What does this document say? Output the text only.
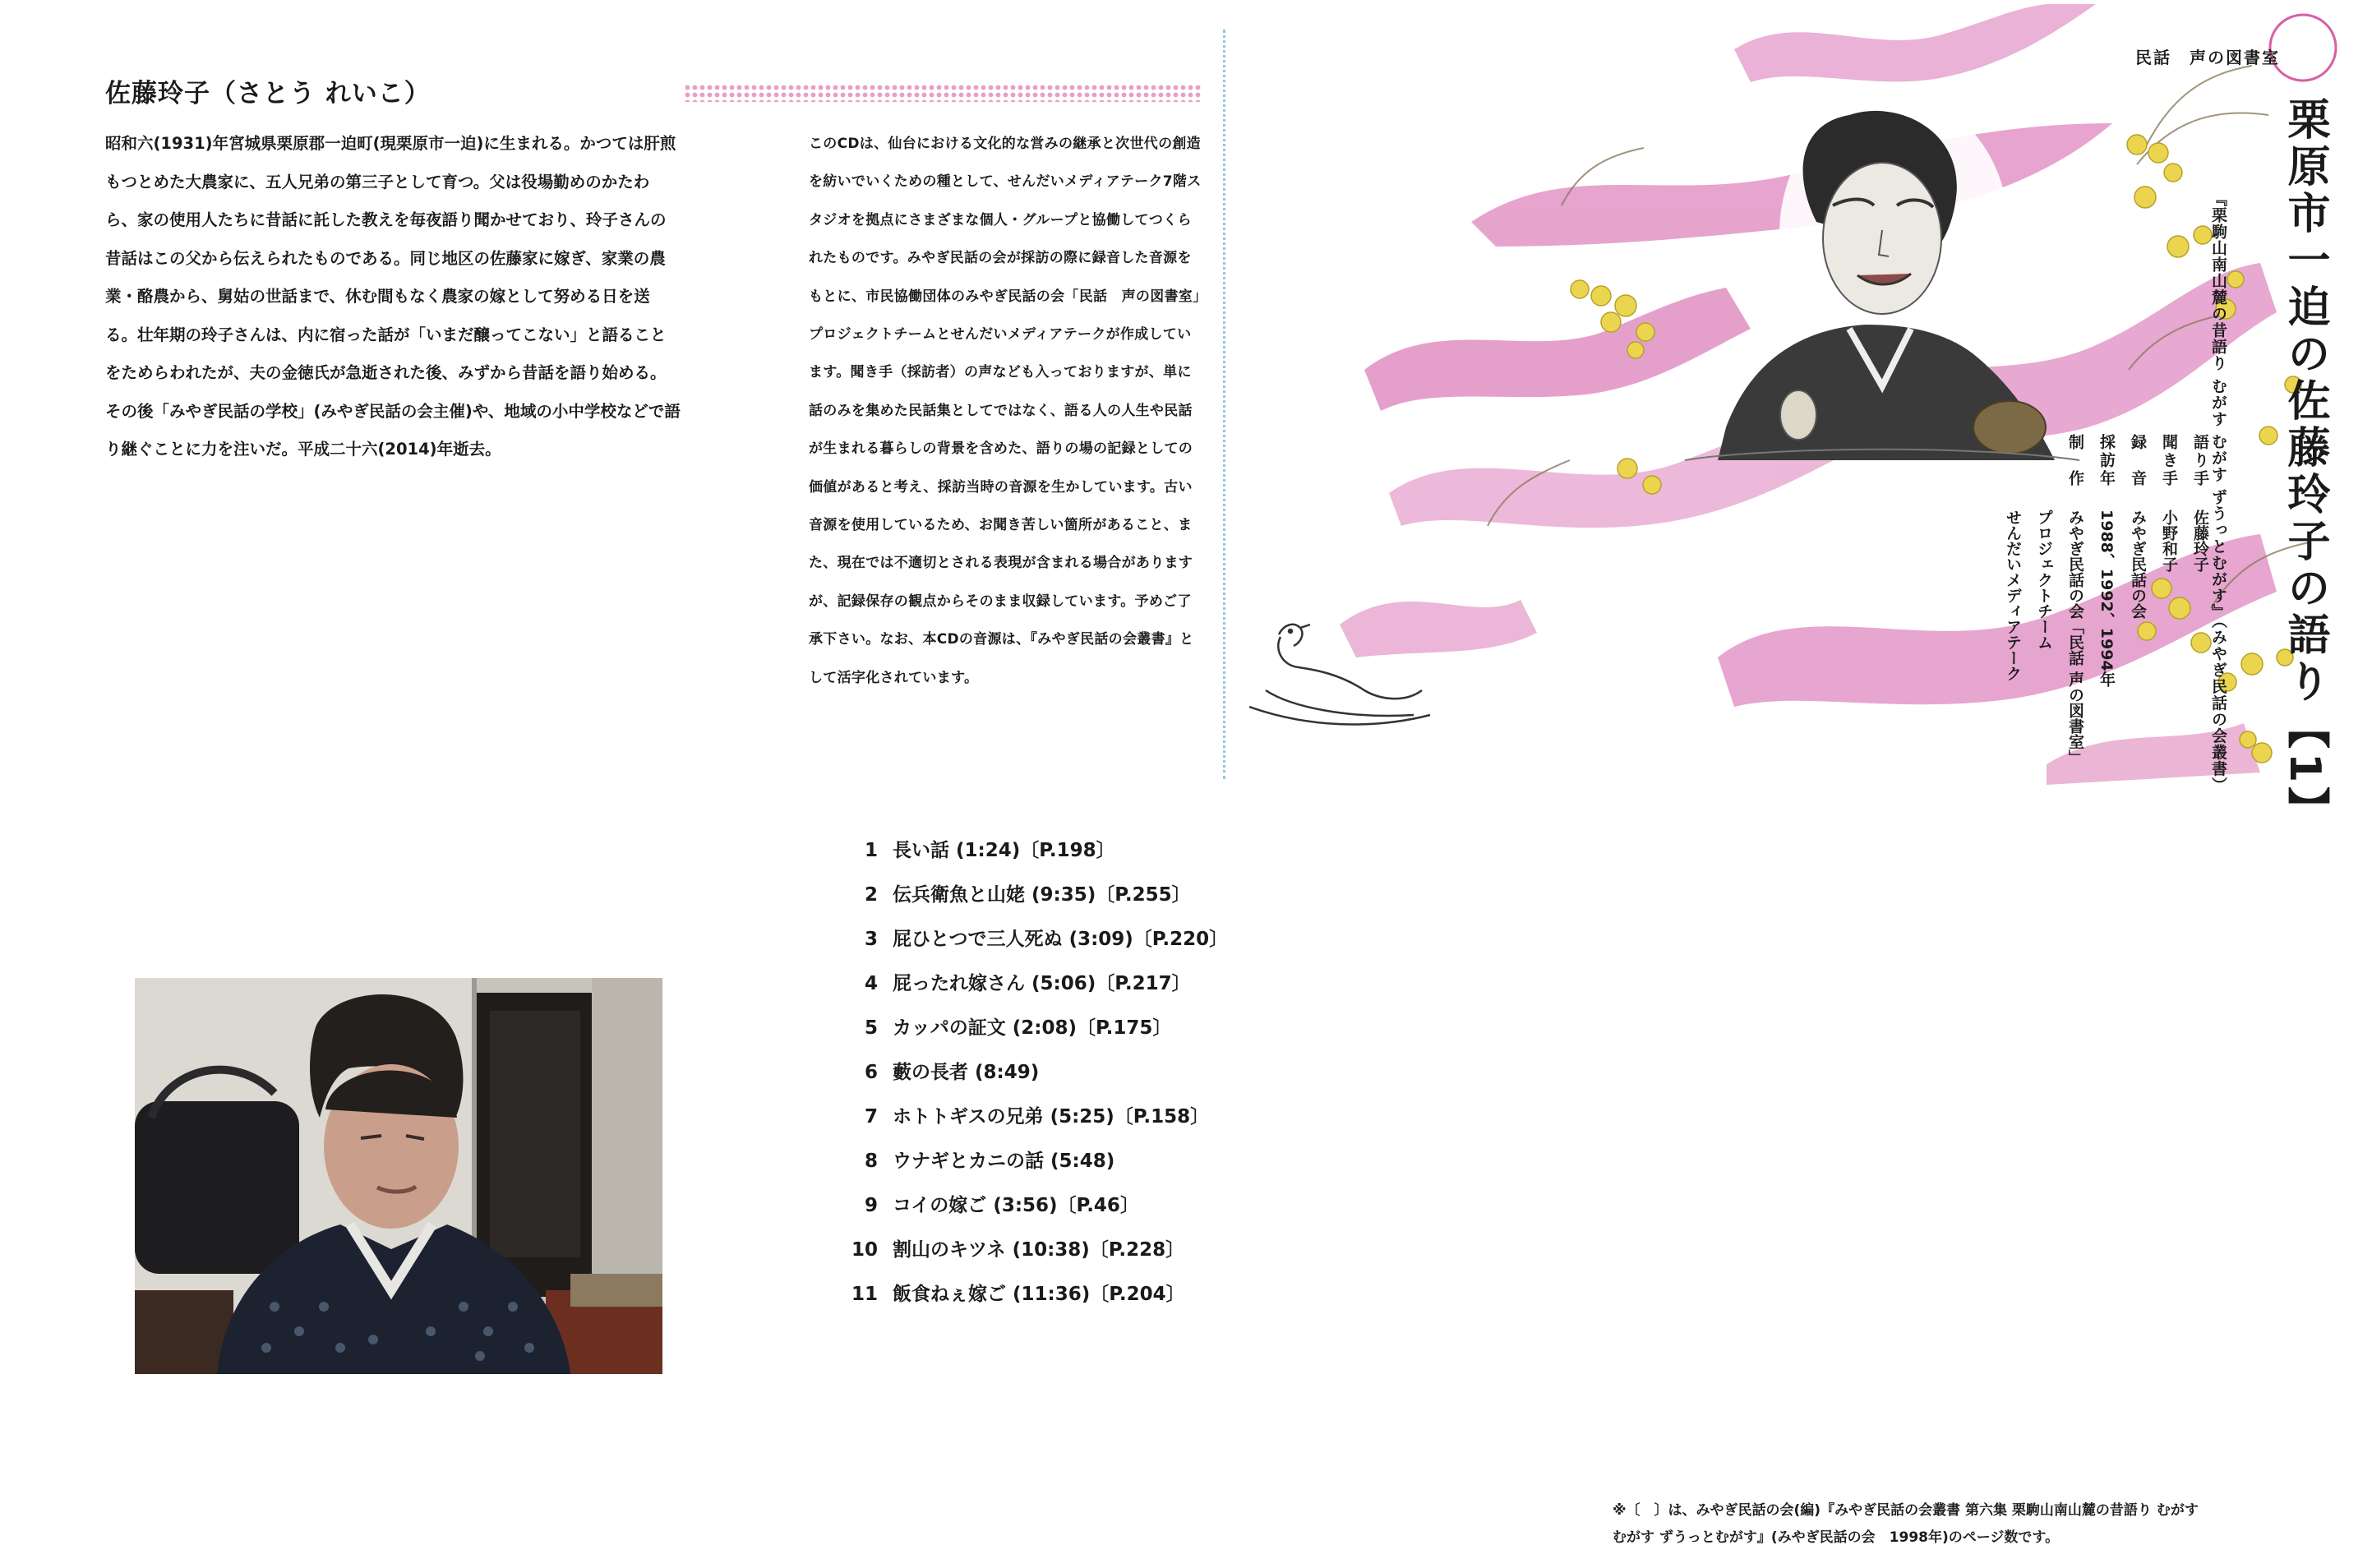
佐藤玲子（さとう れいこ）

昭和六(1931)年宮城県栗原郡一迫町(現栗原市一迫)に生まれる。かつては肝煎もつとめた大農家に、五人兄弟の第三子として育つ。父は役場勤めのかたわら、家の使用人たちに昔話に託した教えを毎夜語り聞かせており、玲子さんの昔話はこの父から伝えられたものである。同じ地区の佐藤家に嫁ぎ、家業の農業・酪農から、舅姑の世話まで、休む間もなく農家の嫁として努める日を送る。壮年期の玲子さんは、内に宿った話が「いまだ醸ってこない」と語ることをためらわれたが、夫の金徳氏が急逝された後、みずから昔話を語り始める。その後「みやぎ民話の学校」(みやぎ民話の会主催)や、地域の小中学校などで語り継ぐことに力を注いだ。平成二十六(2014)年逝去。

このCDは、仙台における文化的な営みの継承と次世代の創造を紡いでいくための種として、せんだいメディアテーク7階スタジオを拠点にさまざまな個人・グループと協働してつくられたものです。みやぎ民話の会が採訪の際に録音した音源をもとに、市民協働団体のみやぎ民話の会「民話　声の図書室」プロジェクトチームとせんだいメディアテークが作成しています。聞き手（採訪者）の声なども入っておりますが、単に話のみを集めた民話集としてではなく、語る人の人生や民話が生まれる暮らしの背景を含めた、語りの場の記録としての価値があると考え、採訪当時の音源を生かしています。古い音源を使用しているため、お聞き苦しい箇所があること、また、現在では不適切とされる表現が含まれる場合がありますが、記録保存の観点からそのまま収録しています。予めご了承下さい。なお、本CDの音源は、『みやぎ民話の会叢書』として活字化されています。

民話　声の図書室
栗原市一迫の佐藤玲子の語り【1】
『栗駒山南山麓の昔語り むがす むがす ずうっとむがす』（みやぎ民話の会叢書）
語り手佐藤玲子
聞き手小野和子
録　音みやぎ民話の会
採訪年1988、1992、1994年
制　作みやぎ民話の会「民話 声の図書室」
プロジェクトチーム
せんだいメディアテーク
1 長い話
(1:24)〔P.198〕
2 伝兵衛魚と山姥
(9:35)〔P.255〕
3 屁ひとつで三人死ぬ
(3:09)〔P.220〕
4 屁ったれ嫁さん
(5:06)〔P.217〕
5 カッパの証文
(2:08)〔P.175〕
6 藪の長者
(8:49)
7 ホトトギスの兄弟
(5:25)〔P.158〕
8 ウナギとカニの話
(5:48)
9 コイの嫁ご
(3:56)〔P.46〕
10 割山のキツネ
(10:38)〔P.228〕
11 飯食ねぇ嫁ご
(11:36)〔P.204〕

※〔　〕は、みやぎ民話の会(編)『みやぎ民話の会叢書 第六集 栗駒山南山麓の昔語り むがす むがす ずうっとむがす』(みやぎ民話の会　1998年)のページ数です。
